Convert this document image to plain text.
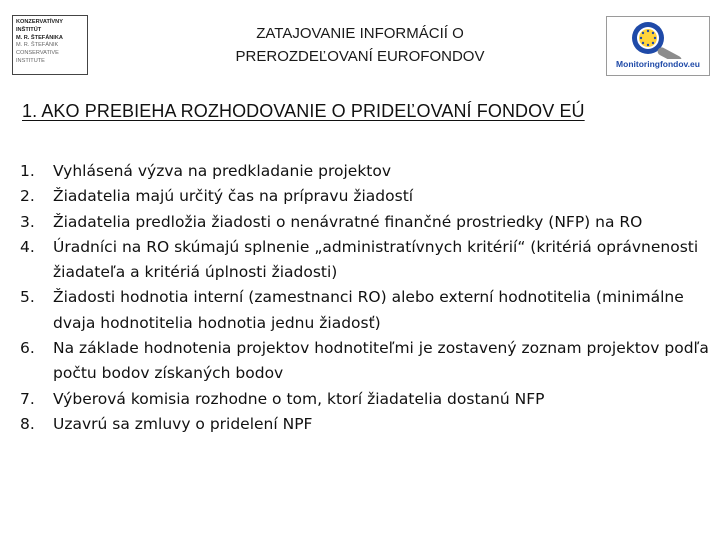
KONZERVATÍVNY
INŠTITÚT
M. R. ŠTEFÁNIKA
M. R. ŠTEFÁNIK
CONSERVATIVE
INSTITUTE
ZATAJOVANIE INFORMÁCIÍ O
PREROZDEĽOVANÍ EUROFONDOV	Monitoringfondov.eu
1. AKO PREBIEHA ROZHODOVANIE O PRIDEĽOVANÍ FONDOV EÚ
1. Vyhlásená výzva na predkladanie projektov
2. Žiadatelia majú určitý čas na prípravu žiadostí
3. Žiadatelia predložia žiadosti o nenávratné finančné prostriedky (NFP) na RO
4. Úradníci na RO skúmajú splnenie „administratívnych kritérií“ (kritériá oprávnenosti žiadateľa a kritériá úplnosti žiadosti)
5. Žiadosti hodnotia interní (zamestnanci RO) alebo externí hodnotitelia (minimálne dvaja hodnotitelia hodnotia jednu žiadosť)
6. Na základe hodnotenia projektov hodnotiteľmi je zostavený zoznam projektov podľa počtu bodov získaných bodov
7. Výberová komisia rozhodne o tom, ktorí žiadatelia dostanú NFP
8. Uzavrú sa zmluvy o pridelení NPF
